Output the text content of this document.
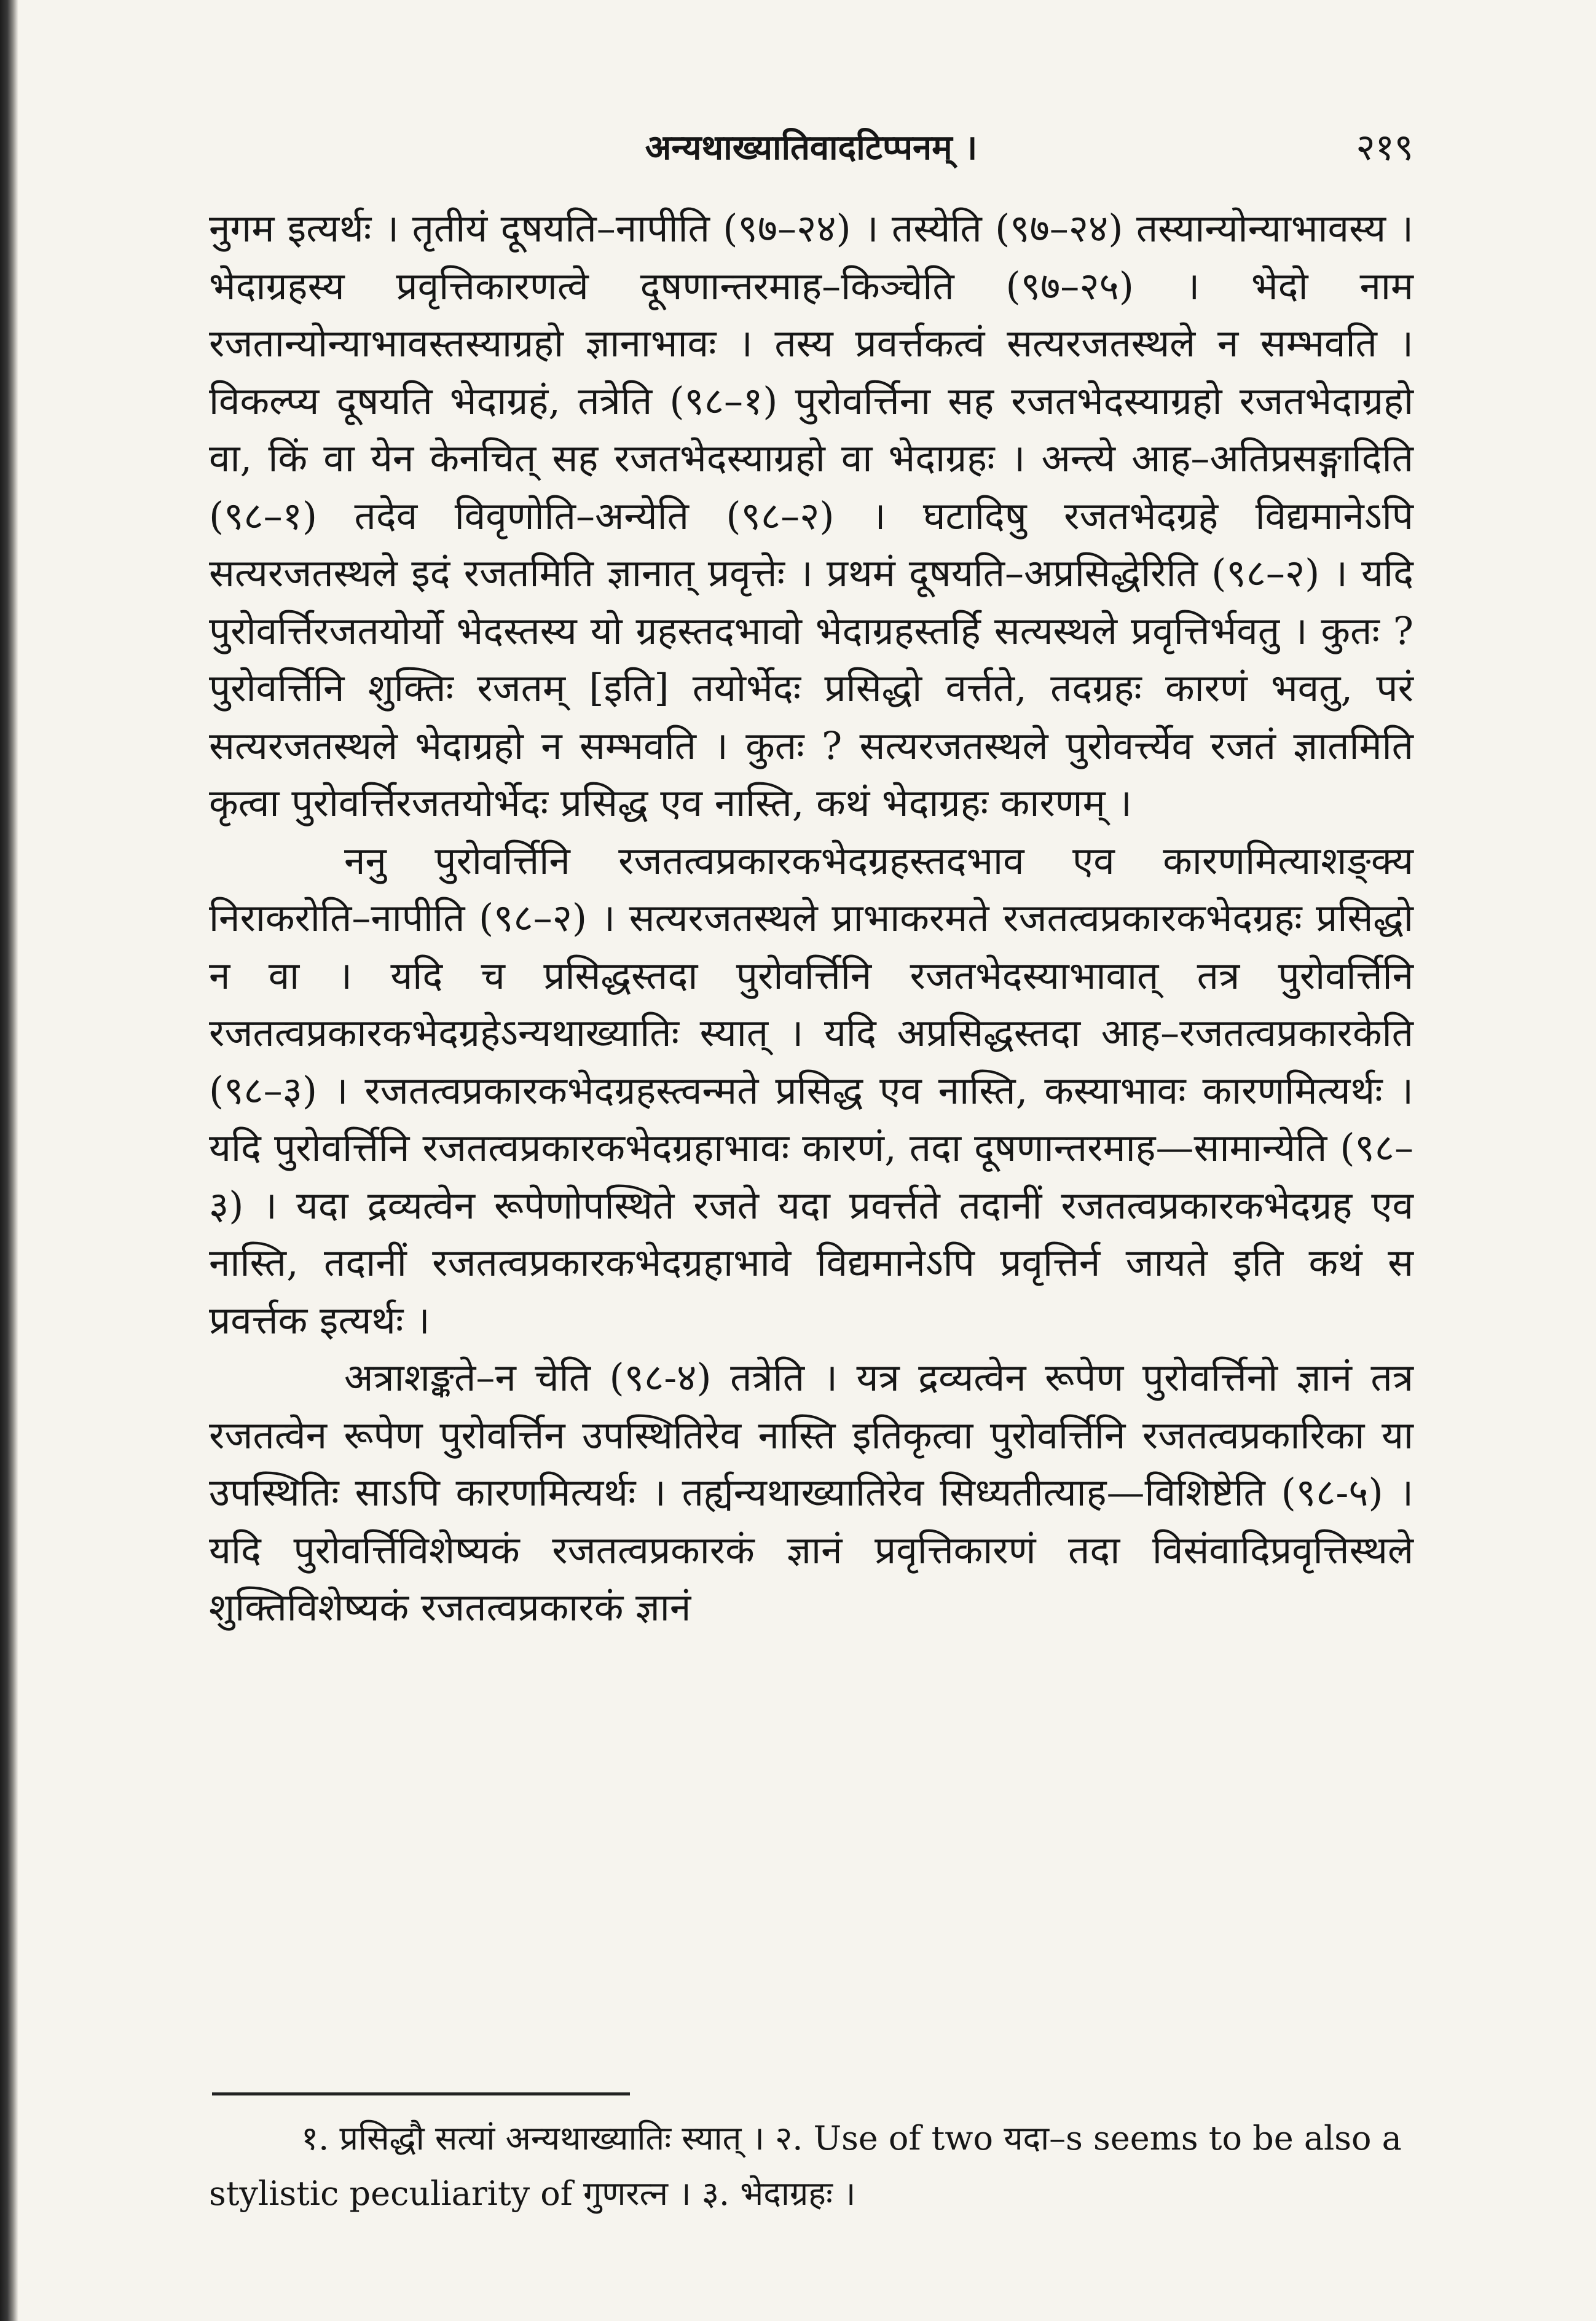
अन्यथाख्यातिवादटिप्पनम् ।	२१९

नुगम इत्यर्थः । तृतीयं दूषयति–नापीति (९७–२४) । तस्येति (९७–२४) तस्यान्योन्याभावस्य । भेदाग्रहस्य प्रवृत्तिकारणत्वे दूषणान्तरमाह–किञ्चेति (९७–२५) । भेदो नाम रजतान्योन्याभावस्तस्याग्रहो ज्ञानाभावः । तस्य प्रवर्त्तकत्वं सत्यरजतस्थले न सम्भवति । विकल्प्य दूषयति भेदाग्रहं, तत्रेति (९८–१) पुरोवर्त्तिना सह रजतभेदस्याग्रहो रजतभेदाग्रहो वा, किं वा येन केनचित् सह रजतभेदस्याग्रहो वा भेदाग्रहः । अन्त्ये आह–अतिप्रसङ्गादिति (९८–१) तदेव विवृणोति–अन्येति (९८–२) । घटादिषु रजतभेदग्रहे विद्यमानेऽपि सत्यरजतस्थले इदं रजतमिति ज्ञानात् प्रवृत्तेः । प्रथमं दूषयति–अप्रसिद्धेरिति (९८–२) । यदि पुरोवर्त्तिरजतयोर्यो भेदस्तस्य यो ग्रहस्तदभावो भेदाग्रहस्तर्हि सत्यस्थले प्रवृत्तिर्भवतु । कुतः ? पुरोवर्त्तिनि शुक्तिः रजतम् [इति] तयोर्भेदः प्रसिद्धो वर्त्तते, तदग्रहः कारणं भवतु, परं सत्यरजतस्थले भेदाग्रहो न सम्भवति । कुतः ? सत्यरजतस्थले पुरोवर्त्त्येव रजतं ज्ञातमिति कृत्वा पुरोवर्त्तिरजतयोर्भेदः प्रसिद्ध एव नास्ति, कथं भेदाग्रहः कारणम् ।

ननु पुरोवर्त्तिनि रजतत्वप्रकारकभेदग्रहस्तदभाव एव कारणमित्याशङ्क्य निराकरोति–नापीति (९८–२) । सत्यरजतस्थले प्राभाकरमते रजतत्वप्रकारकभेदग्रहः प्रसिद्धो न वा । यदि च प्रसिद्धस्तदा पुरोवर्त्तिनि रजतभेदस्याभावात् तत्र पुरोवर्त्तिनि रजतत्वप्रकारकभेदग्रहेऽन्यथाख्यातिः स्यात् । यदि अप्रसिद्धस्तदा आह–रजतत्वप्रकारकेति (९८–३) । रजतत्वप्रकारकभेदग्रहस्त्वन्मते प्रसिद्ध एव नास्ति, कस्याभावः कारणमित्यर्थः । यदि पुरोवर्त्तिनि रजतत्वप्रकारकभेदग्रहाभावः कारणं, तदा दूषणान्तरमाह—सामान्येति (९८–३) । यदा द्रव्यत्वेन रूपेणोपस्थिते रजते यदा प्रवर्त्तते तदानीं रजतत्वप्रकारकभेदग्रह एव नास्ति, तदानीं रजतत्वप्रकारकभेदग्रहाभावे विद्यमानेऽपि प्रवृत्तिर्न जायते इति कथं स प्रवर्त्तक इत्यर्थः ।

अत्राशङ्कते–न चेति (९८-४) तत्रेति । यत्र द्रव्यत्वेन रूपेण पुरोवर्त्तिनो ज्ञानं तत्र रजतत्वेन रूपेण पुरोवर्त्तिन उपस्थितिरेव नास्ति इतिकृत्वा पुरोवर्त्तिनि रजतत्वप्रकारिका या उपस्थितिः साऽपि कारणमित्यर्थः । तर्ह्यन्यथाख्यातिरेव सिध्यतीत्याह—विशिष्टेति (९८-५) । यदि पुरोवर्त्तिविशेष्यकं रजतत्वप्रकारकं ज्ञानं प्रवृत्तिकारणं तदा विसंवादिप्रवृत्तिस्थले शुक्तिविशेष्यकं रजतत्वप्रकारकं ज्ञानं

१. प्रसिद्धौ सत्यां अन्यथाख्यातिः स्यात् । २. Use of two यदा–s seems to be also a stylistic peculiarity of गुणरत्न । ३. भेदाग्रहः ।
